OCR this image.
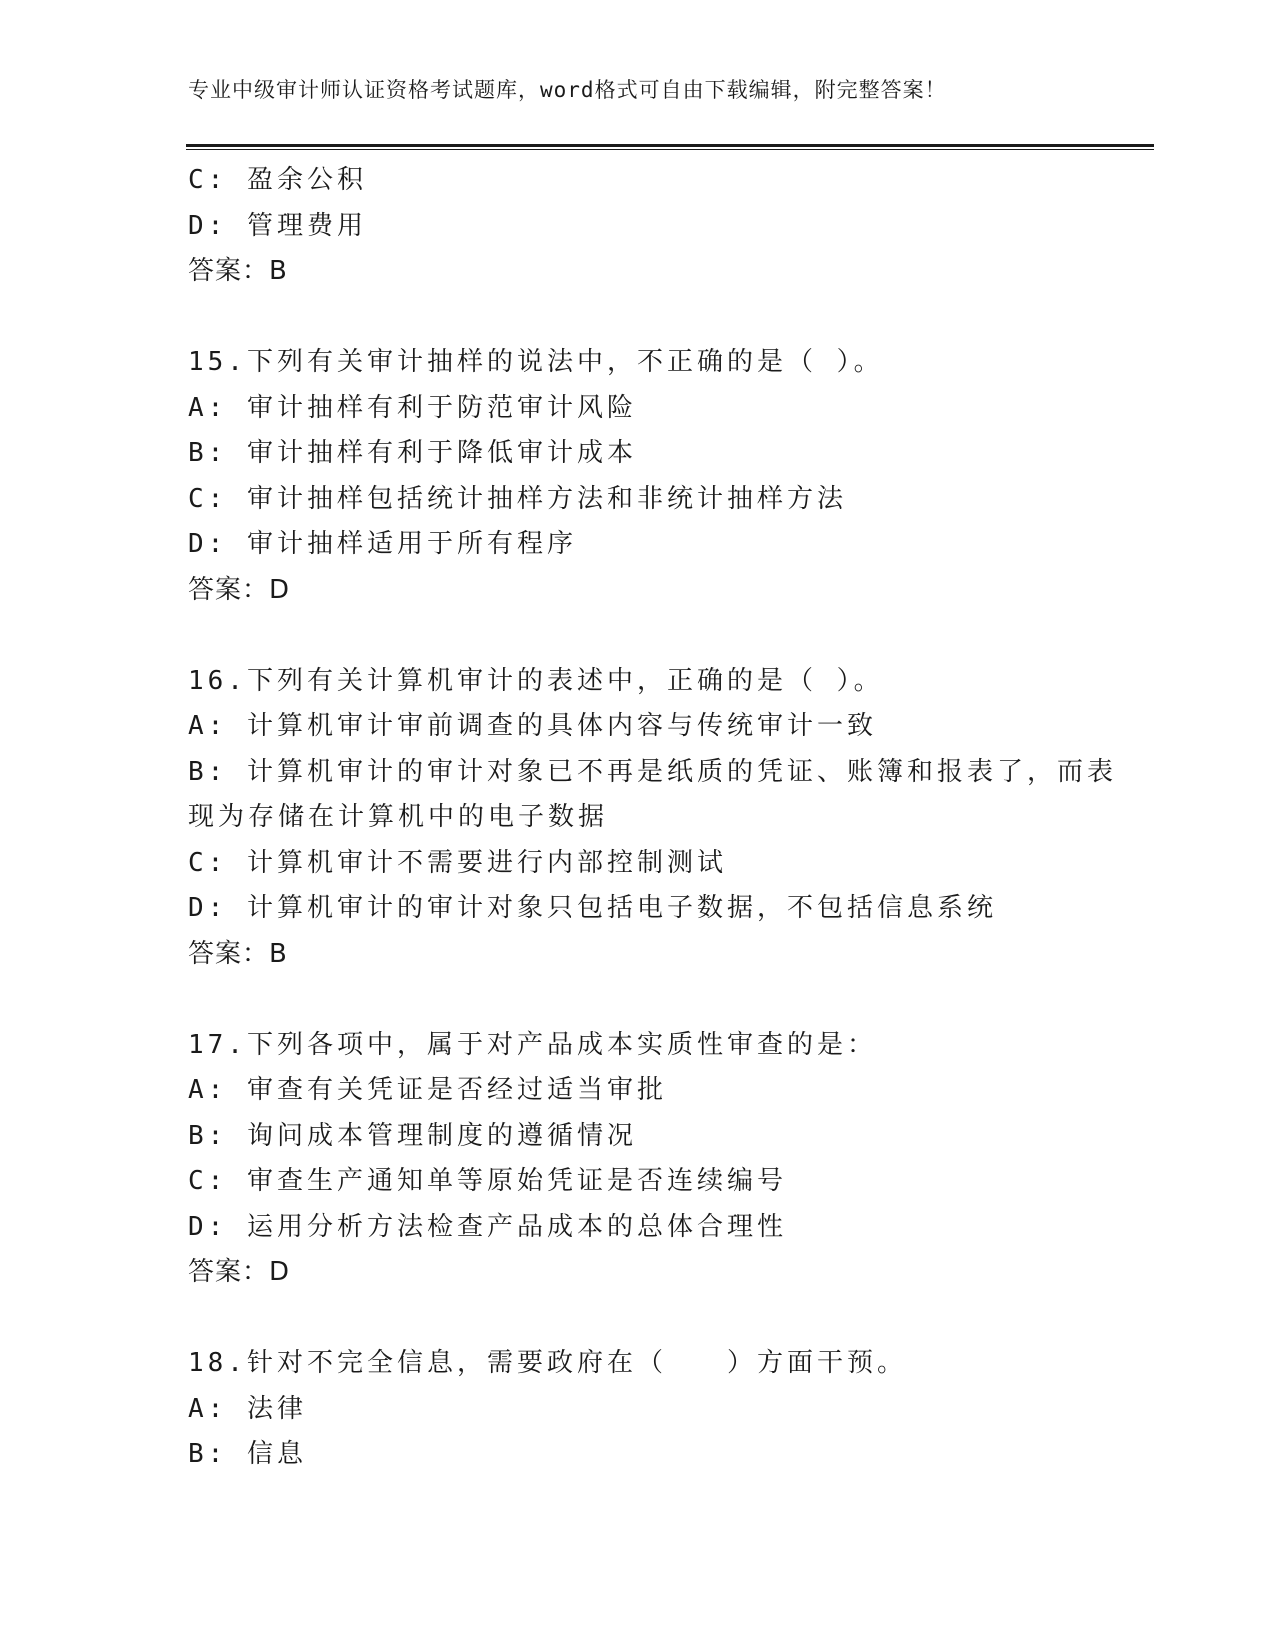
专业中级审计师认证资格考试题库，word格式可自由下载编辑，附完整答案！
C: 盈余公积
D: 管理费用
答案：B
15.下列有关审计抽样的说法中，不正确的是（ ）。
A: 审计抽样有利于防范审计风险
B: 审计抽样有利于降低审计成本
C: 审计抽样包括统计抽样方法和非统计抽样方法
D: 审计抽样适用于所有程序
答案：D
16.下列有关计算机审计的表述中，正确的是（ ）。
A: 计算机审计审前调查的具体内容与传统审计一致
B: 计算机审计的审计对象已不再是纸质的凭证、账簿和报表了，而表
现为存储在计算机中的电子数据
C: 计算机审计不需要进行内部控制测试
D: 计算机审计的审计对象只包括电子数据，不包括信息系统
答案：B
17.下列各项中，属于对产品成本实质性审查的是：
A: 审查有关凭证是否经过适当审批
B: 询问成本管理制度的遵循情况
C: 审查生产通知单等原始凭证是否连续编号
D: 运用分析方法检查产品成本的总体合理性
答案：D
18.针对不完全信息，需要政府在（　　）方面干预。
A: 法律
B: 信息
